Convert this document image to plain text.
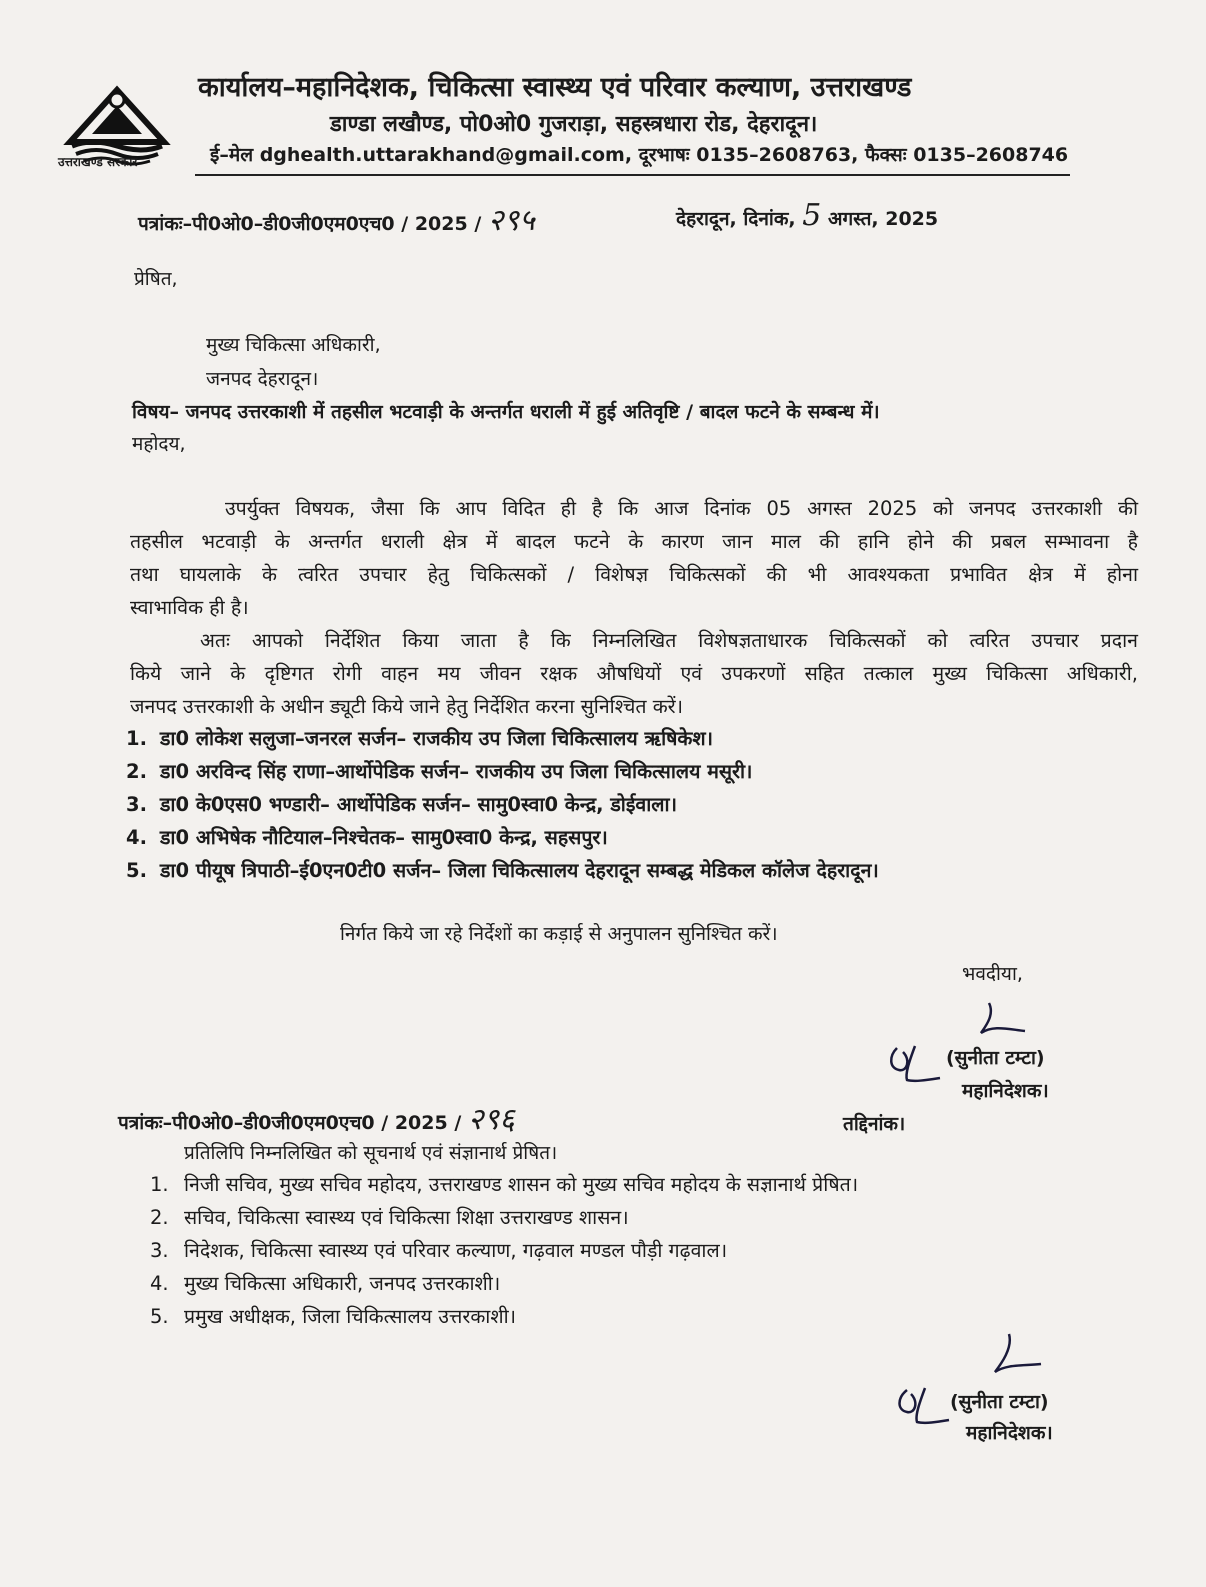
उत्तराखण्ड सरकार
कार्यालय–महानिदेशक, चिकित्सा स्वास्थ्य एवं परिवार कल्याण, उत्तराखण्ड
डाण्डा लखौण्ड, पो0ओ0 गुजराड़ा, सहस्त्रधारा रोड, देहरादून।
ई–मेल dghealth.uttarakhand@gmail.com, दूरभाषः 0135–2608763, फैक्सः 0135–2608746
पत्रांकः–पी0ओ0–डी0जी0एम0एच0 / 2025 / २९५	देहरादून, दिनांक, 5 अगस्त, 2025
प्रेषित,
मुख्य चिकित्सा अधिकारी,
जनपद देहरादून।
विषय– जनपद उत्तरकाशी में तहसील भटवाड़ी के अन्तर्गत धराली में हुई अतिवृष्टि / बादल फटने के सम्बन्ध में।
महोदय,
उपर्युक्त विषयक, जैसा कि आप विदित ही है कि आज दिनांक 05 अगस्त 2025 को जनपद उत्तरकाशी की
तहसील भटवाड़ी के अन्तर्गत धराली क्षेत्र में बादल फटने के कारण जान माल की हानि होने की प्रबल सम्भावना है
तथा घायलाके के त्वरित उपचार हेतु चिकित्सकों / विशेषज्ञ चिकित्सकों की भी आवश्यकता प्रभावित क्षेत्र में होना
स्वाभाविक ही है।
अतः आपको निर्देशित किया जाता है कि निम्नलिखित विशेषज्ञताधारक चिकित्सकों को त्वरित उपचार प्रदान
किये जाने के दृष्टिगत रोगी वाहन मय जीवन रक्षक औषधियों एवं उपकरणों सहित तत्काल मुख्य चिकित्सा अधिकारी,
जनपद उत्तरकाशी के अधीन ड्यूटी किये जाने हेतु निर्देशित करना सुनिश्चित करें।
1. डा0 लोकेश सलुजा–जनरल सर्जन– राजकीय उप जिला चिकित्सालय ऋषिकेश।
2. डा0 अरविन्द सिंह राणा–आर्थोपेडिक सर्जन– राजकीय उप जिला चिकित्सालय मसूरी।
3. डा0 के0एस0 भण्डारी– आर्थोपेडिक सर्जन– सामु0स्वा0 केन्द्र, डोईवाला।
4. डा0 अभिषेक नौटियाल–निश्चेतक– सामु0स्वा0 केन्द्र, सहसपुर।
5. डा0 पीयूष त्रिपाठी–ई0एन0टी0 सर्जन– जिला चिकित्सालय देहरादून सम्बद्ध मेडिकल कॉलेज देहरादून।
निर्गत किये जा रहे निर्देशों का कड़ाई से अनुपालन सुनिश्चित करें।
भवदीया,
(सुनीता टम्टा)
महानिदेशक।
पत्रांकः–पी0ओ0–डी0जी0एम0एच0 / 2025 / २९६	तद्दिनांक।
प्रतिलिपि निम्नलिखित को सूचनार्थ एवं संज्ञानार्थ प्रेषित।
1. निजी सचिव, मुख्य सचिव महोदय, उत्तराखण्ड शासन को मुख्य सचिव महोदय के सज्ञानार्थ प्रेषित।
2. सचिव, चिकित्सा स्वास्थ्य एवं चिकित्सा शिक्षा उत्तराखण्ड शासन।
3. निदेशक, चिकित्सा स्वास्थ्य एवं परिवार कल्याण, गढ़वाल मण्डल पौड़ी गढ़वाल।
4. मुख्य चिकित्सा अधिकारी, जनपद उत्तरकाशी।
5. प्रमुख अधीक्षक, जिला चिकित्सालय उत्तरकाशी।
(सुनीता टम्टा)
महानिदेशक।
